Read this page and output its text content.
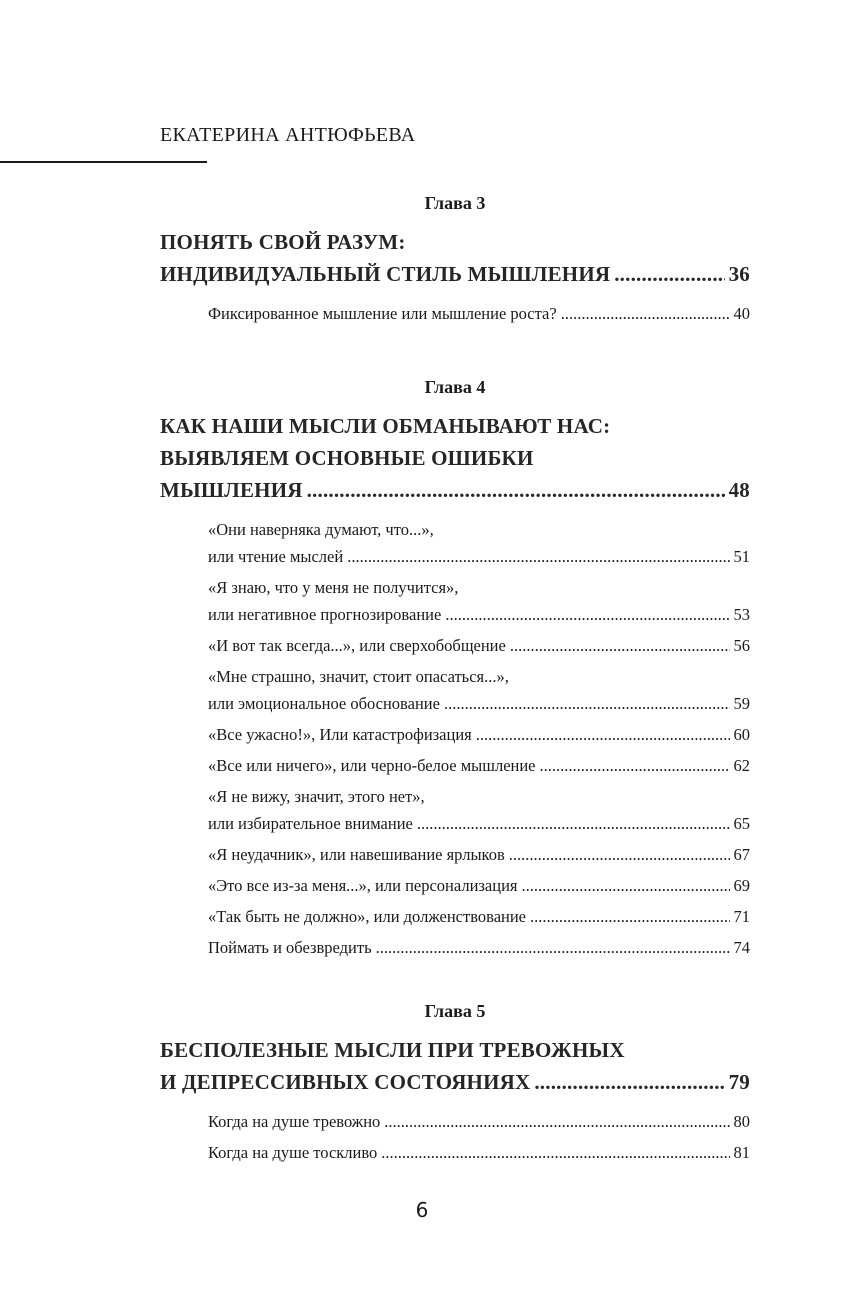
ЕКАТЕРИНА АНТЮФЬЕВА
Глава 3
ПОНЯТЬ СВОЙ РАЗУМ:
ИНДИВИДУАЛЬНЫЙ СТИЛЬ МЫШЛЕНИЯ .....	36
Фиксированное мышление или мышление роста? .....	40
Глава 4
КАК НАШИ МЫСЛИ ОБМАНЫВАЮТ НАС:
ВЫЯВЛЯЕМ ОСНОВНЫЕ ОШИБКИ
МЫШЛЕНИЯ .....	48
«Они наверняка думают, что...»,
или чтение мыслей .....	51
«Я знаю, что у меня не получится»,
или негативное прогнозирование .....	53
«И вот так всегда...», или сверхобобщение .....	56
«Мне страшно, значит, стоит опасаться...»,
или эмоциональное обоснование .....	59
«Все ужасно!», Или катастрофизация .....	60
«Все или ничего», или черно-белое мышление .....	62
«Я не вижу, значит, этого нет»,
или избирательное внимание .....	65
«Я неудачник», или навешивание ярлыков .....	67
«Это все из-за меня...», или персонализация .....	69
«Так быть не должно», или долженствование .....	71
Поймать и обезвредить .....	74
Глава 5
БЕСПОЛЕЗНЫЕ МЫСЛИ ПРИ ТРЕВОЖНЫХ
И ДЕПРЕССИВНЫХ СОСТОЯНИЯХ .....	79
Когда на душе тревожно .....	80
Когда на душе тоскливо .....	81
6
